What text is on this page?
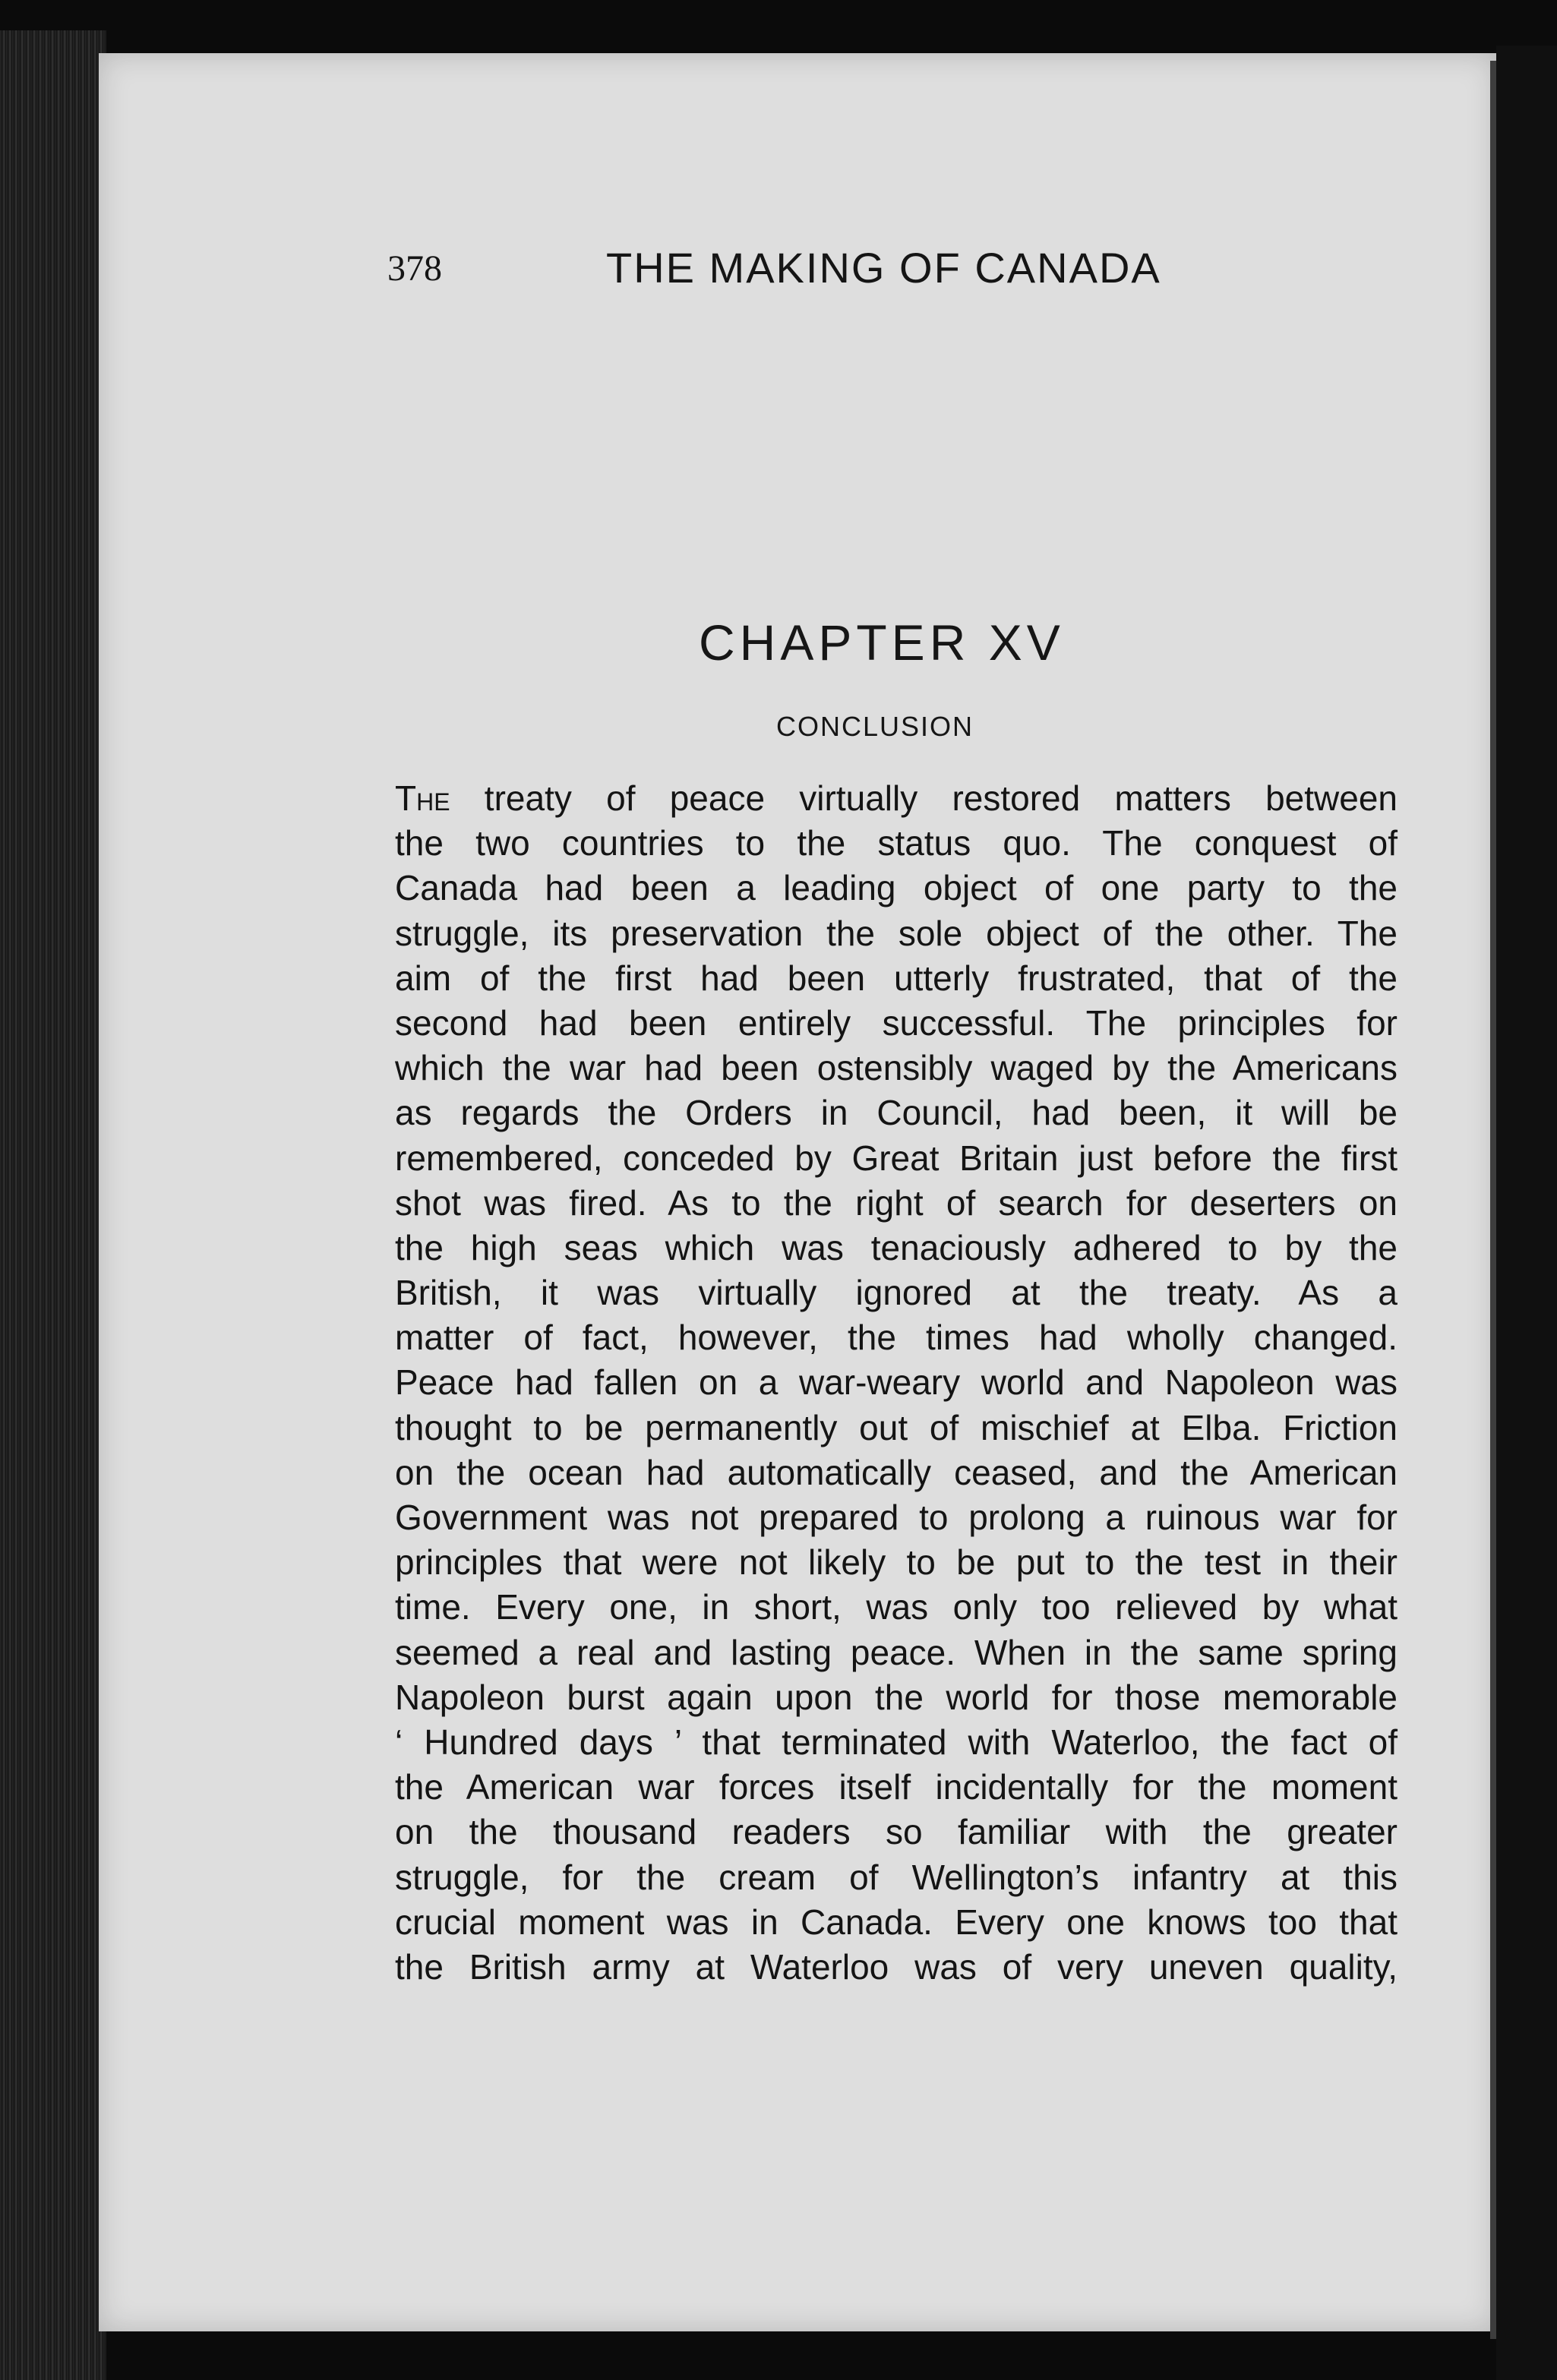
378	THE MAKING OF CANADA
CHAPTER XV
CONCLUSION
The treaty of peace virtually restored matters between
the two countries to the status quo. The conquest of
Canada had been a leading object of one party to the
struggle, its preservation the sole object of the other. The
aim of the first had been utterly frustrated, that of the
second had been entirely successful. The principles for
which the war had been ostensibly waged by the Americans
as regards the Orders in Council, had been, it will be
remembered, conceded by Great Britain just before the first
shot was fired. As to the right of search for deserters on
the high seas which was tenaciously adhered to by the
British, it was virtually ignored at the treaty. As a
matter of fact, however, the times had wholly changed.
Peace had fallen on a war-weary world and Napoleon was
thought to be permanently out of mischief at Elba. Friction
on the ocean had automatically ceased, and the American
Government was not prepared to prolong a ruinous war for
principles that were not likely to be put to the test in their
time. Every one, in short, was only too relieved by what
seemed a real and lasting peace. When in the same spring
Napoleon burst again upon the world for those memorable
‘ Hundred days ’ that terminated with Waterloo, the fact of
the American war forces itself incidentally for the moment
on the thousand readers so familiar with the greater
struggle, for the cream of Wellington’s infantry at this
crucial moment was in Canada. Every one knows too that
the British army at Waterloo was of very uneven quality,
